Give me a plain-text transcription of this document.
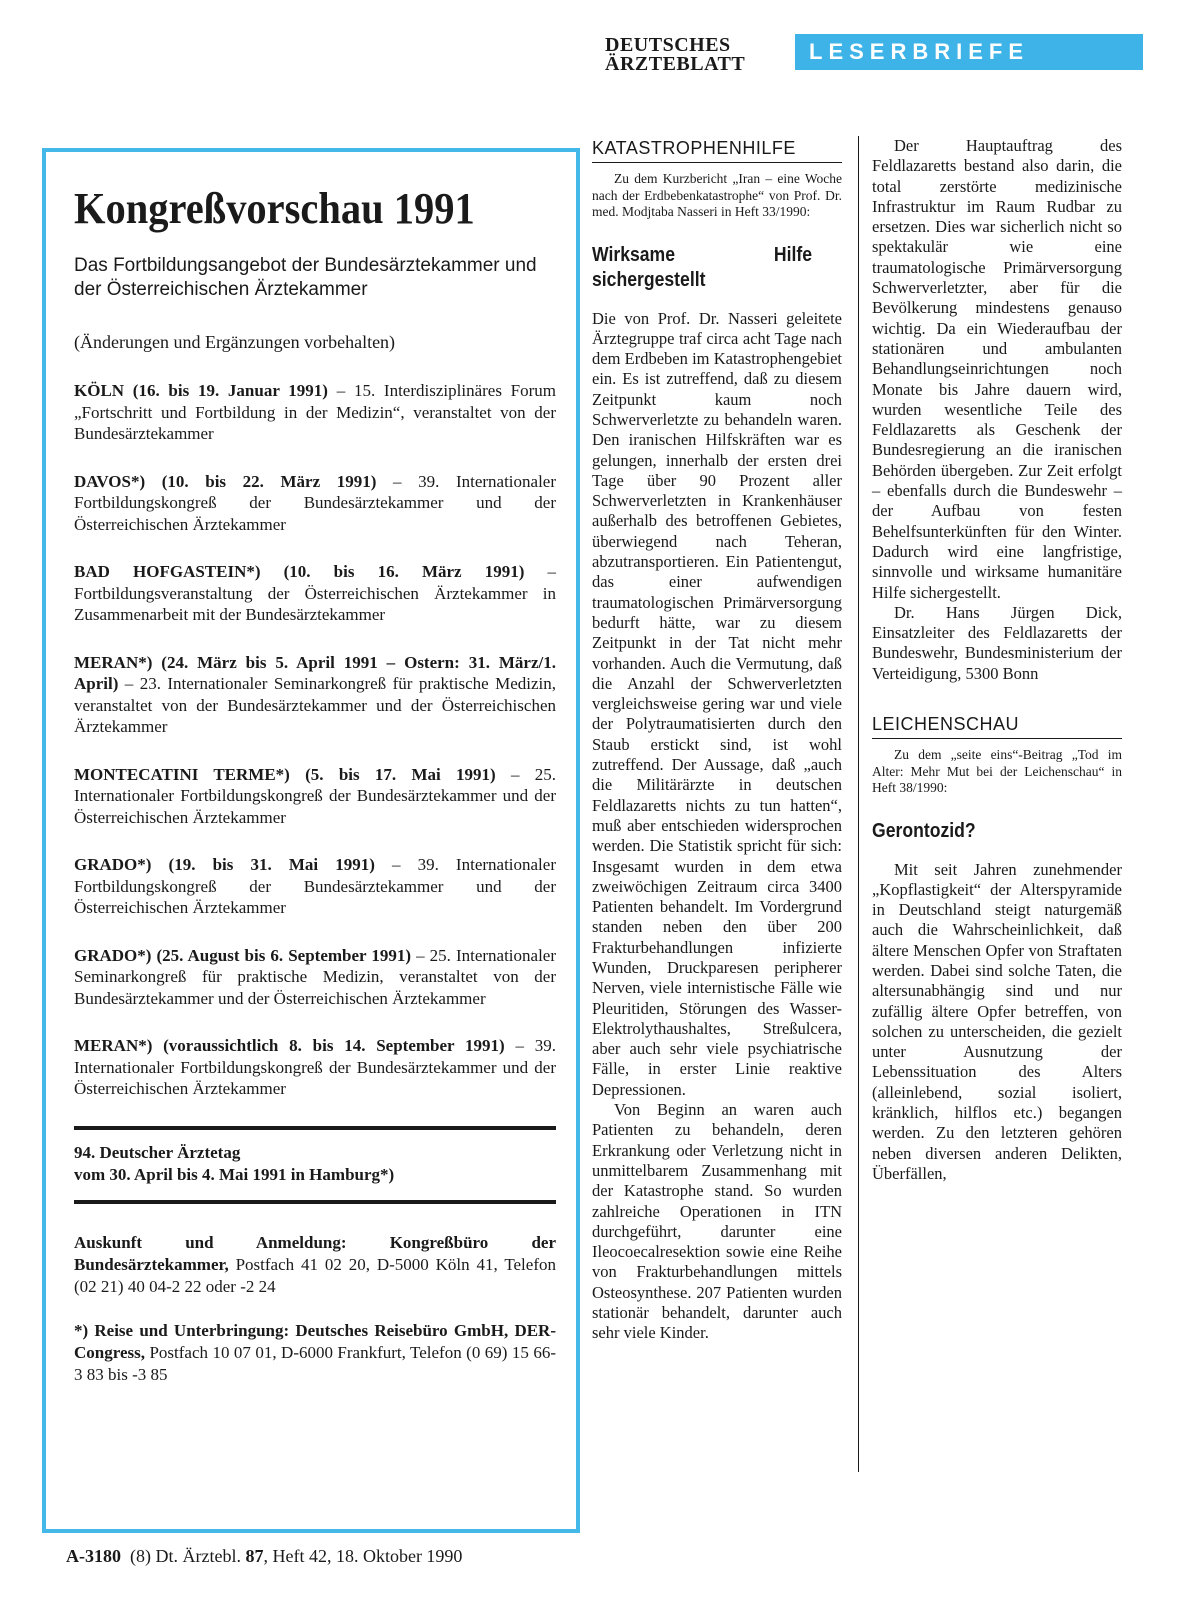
DEUTSCHES
ÄRZTEBLATT	LESERBRIEFE
Kongreßvorschau 1991
Das Fortbildungsangebot der Bundesärztekammer und der Österreichischen Ärztekammer
(Änderungen und Ergänzungen vorbehalten)
KÖLN (16. bis 19. Januar 1991) – 15. Interdisziplinäres Forum „Fortschritt und Fortbildung in der Medizin“, veranstaltet von der Bundesärztekammer
DAVOS*) (10. bis 22. März 1991) – 39. Internationaler Fortbildungskongreß der Bundesärztekammer und der Österreichischen Ärztekammer
BAD HOFGASTEIN*) (10. bis 16. März 1991) – Fortbildungsveranstaltung der Österreichischen Ärztekammer in Zusammenarbeit mit der Bundesärztekammer
MERAN*) (24. März bis 5. April 1991 – Ostern: 31. März/1. April) – 23. Internationaler Seminarkongreß für praktische Medizin, veranstaltet von der Bundesärztekammer und der Österreichischen Ärztekammer
MONTECATINI TERME*) (5. bis 17. Mai 1991) – 25. Internationaler Fortbildungskongreß der Bundesärztekammer und der Österreichischen Ärztekammer
GRADO*) (19. bis 31. Mai 1991) – 39. Internationaler Fortbildungskongreß der Bundesärztekammer und der Österreichischen Ärztekammer
GRADO*) (25. August bis 6. September 1991) – 25. Internationaler Seminarkongreß für praktische Medizin, veranstaltet von der Bundesärztekammer und der Österreichischen Ärztekammer
MERAN*) (voraussichtlich 8. bis 14. September 1991) – 39. Internationaler Fortbildungskongreß der Bundesärztekammer und der Österreichischen Ärztekammer
94. Deutscher Ärztetag
vom 30. April bis 4. Mai 1991 in Hamburg*)
Auskunft und Anmeldung: Kongreßbüro der Bundesärztekammer, Postfach 41 02 20, D-5000 Köln 41, Telefon (02 21) 40 04-2 22 oder -2 24
*) Reise und Unterbringung: Deutsches Reisebüro GmbH, DER-Congress, Postfach 10 07 01, D-6000 Frankfurt, Telefon (0 69) 15 66-3 83 bis -3 85
KATASTROPHENHILFE
Zu dem Kurzbericht „Iran – eine Woche nach der Erdbebenkatastrophe“ von Prof. Dr. med. Modjtaba Nasseri in Heft 33/1990:
Wirksame Hilfe sichergestellt

Die von Prof. Dr. Nasseri geleitete Ärztegruppe traf circa acht Tage nach dem Erdbeben im Katastrophengebiet ein. Es ist zutreffend, daß zu diesem Zeitpunkt kaum noch Schwerverletzte zu behandeln waren. Den iranischen Hilfskräften war es gelungen, innerhalb der ersten drei Tage über 90 Prozent aller Schwerverletzten in Krankenhäuser außerhalb des betroffenen Gebietes, überwiegend nach Teheran, abzutransportieren. Ein Patientengut, das einer aufwendigen traumatologischen Primärversorgung bedurft hätte, war zu diesem Zeitpunkt in der Tat nicht mehr vorhanden. Auch die Vermutung, daß die Anzahl der Schwerverletzten vergleichsweise gering war und viele der Polytraumatisierten durch den Staub erstickt sind, ist wohl zutreffend. Der Aussage, daß „auch die Militärärzte in deutschen Feldlazaretts nichts zu tun hatten“, muß aber entschieden widersprochen werden. Die Statistik spricht für sich: Insgesamt wurden in dem etwa zweiwöchigen Zeitraum circa 3400 Patienten behandelt. Im Vordergrund standen neben den über 200 Frakturbehandlungen infizierte Wunden, Druckparesen peripherer Nerven, viele internistische Fälle wie Pleuritiden, Störungen des Wasser-Elektrolythaushaltes, Streßulcera, aber auch sehr viele psychiatrische Fälle, in erster Linie reaktive Depressionen.

Von Beginn an waren auch Patienten zu behandeln, deren Erkrankung oder Verletzung nicht in unmittelbarem Zusammenhang mit der Katastrophe stand. So wurden zahlreiche Operationen in ITN durchgeführt, darunter eine Ileocoecalresektion sowie eine Reihe von Frakturbehandlungen mittels Osteosynthese. 207 Patienten wurden stationär behandelt, darunter auch sehr viele Kinder.

Der Hauptauftrag des Feldlazaretts bestand also darin, die total zerstörte medizinische Infrastruktur im Raum Rudbar zu ersetzen. Dies war sicherlich nicht so spektakulär wie eine traumatologische Primärversorgung Schwerverletzter, aber für die Bevölkerung mindestens genauso wichtig. Da ein Wiederaufbau der stationären und ambulanten Behandlungseinrichtungen noch Monate bis Jahre dauern wird, wurden wesentliche Teile des Feldlazaretts als Geschenk der Bundesregierung an die iranischen Behörden übergeben. Zur Zeit erfolgt – ebenfalls durch die Bundeswehr – der Aufbau von festen Behelfsunterkünften für den Winter. Dadurch wird eine langfristige, sinnvolle und wirksame humanitäre Hilfe sichergestellt.

Dr. Hans Jürgen Dick, Einsatzleiter des Feldlazaretts der Bundeswehr, Bundesministerium der Verteidigung, 5300 Bonn

LEICHENSCHAU
Zu dem „seite eins“-Beitrag „Tod im Alter: Mehr Mut bei der Leichenschau“ in Heft 38/1990:
Gerontozid?

Mit seit Jahren zunehmender „Kopflastigkeit“ der Alterspyramide in Deutschland steigt naturgemäß auch die Wahrscheinlichkeit, daß ältere Menschen Opfer von Straftaten werden. Dabei sind solche Taten, die altersunabhängig sind und nur zufällig ältere Opfer betreffen, von solchen zu unterscheiden, die gezielt unter Ausnutzung der Lebenssituation des Alters (alleinlebend, sozial isoliert, kränklich, hilflos etc.) begangen werden. Zu den letzteren gehören neben diversen anderen Delikten, Überfällen,

A-3180 (8) Dt. Ärztebl. 87, Heft 42, 18. Oktober 1990
